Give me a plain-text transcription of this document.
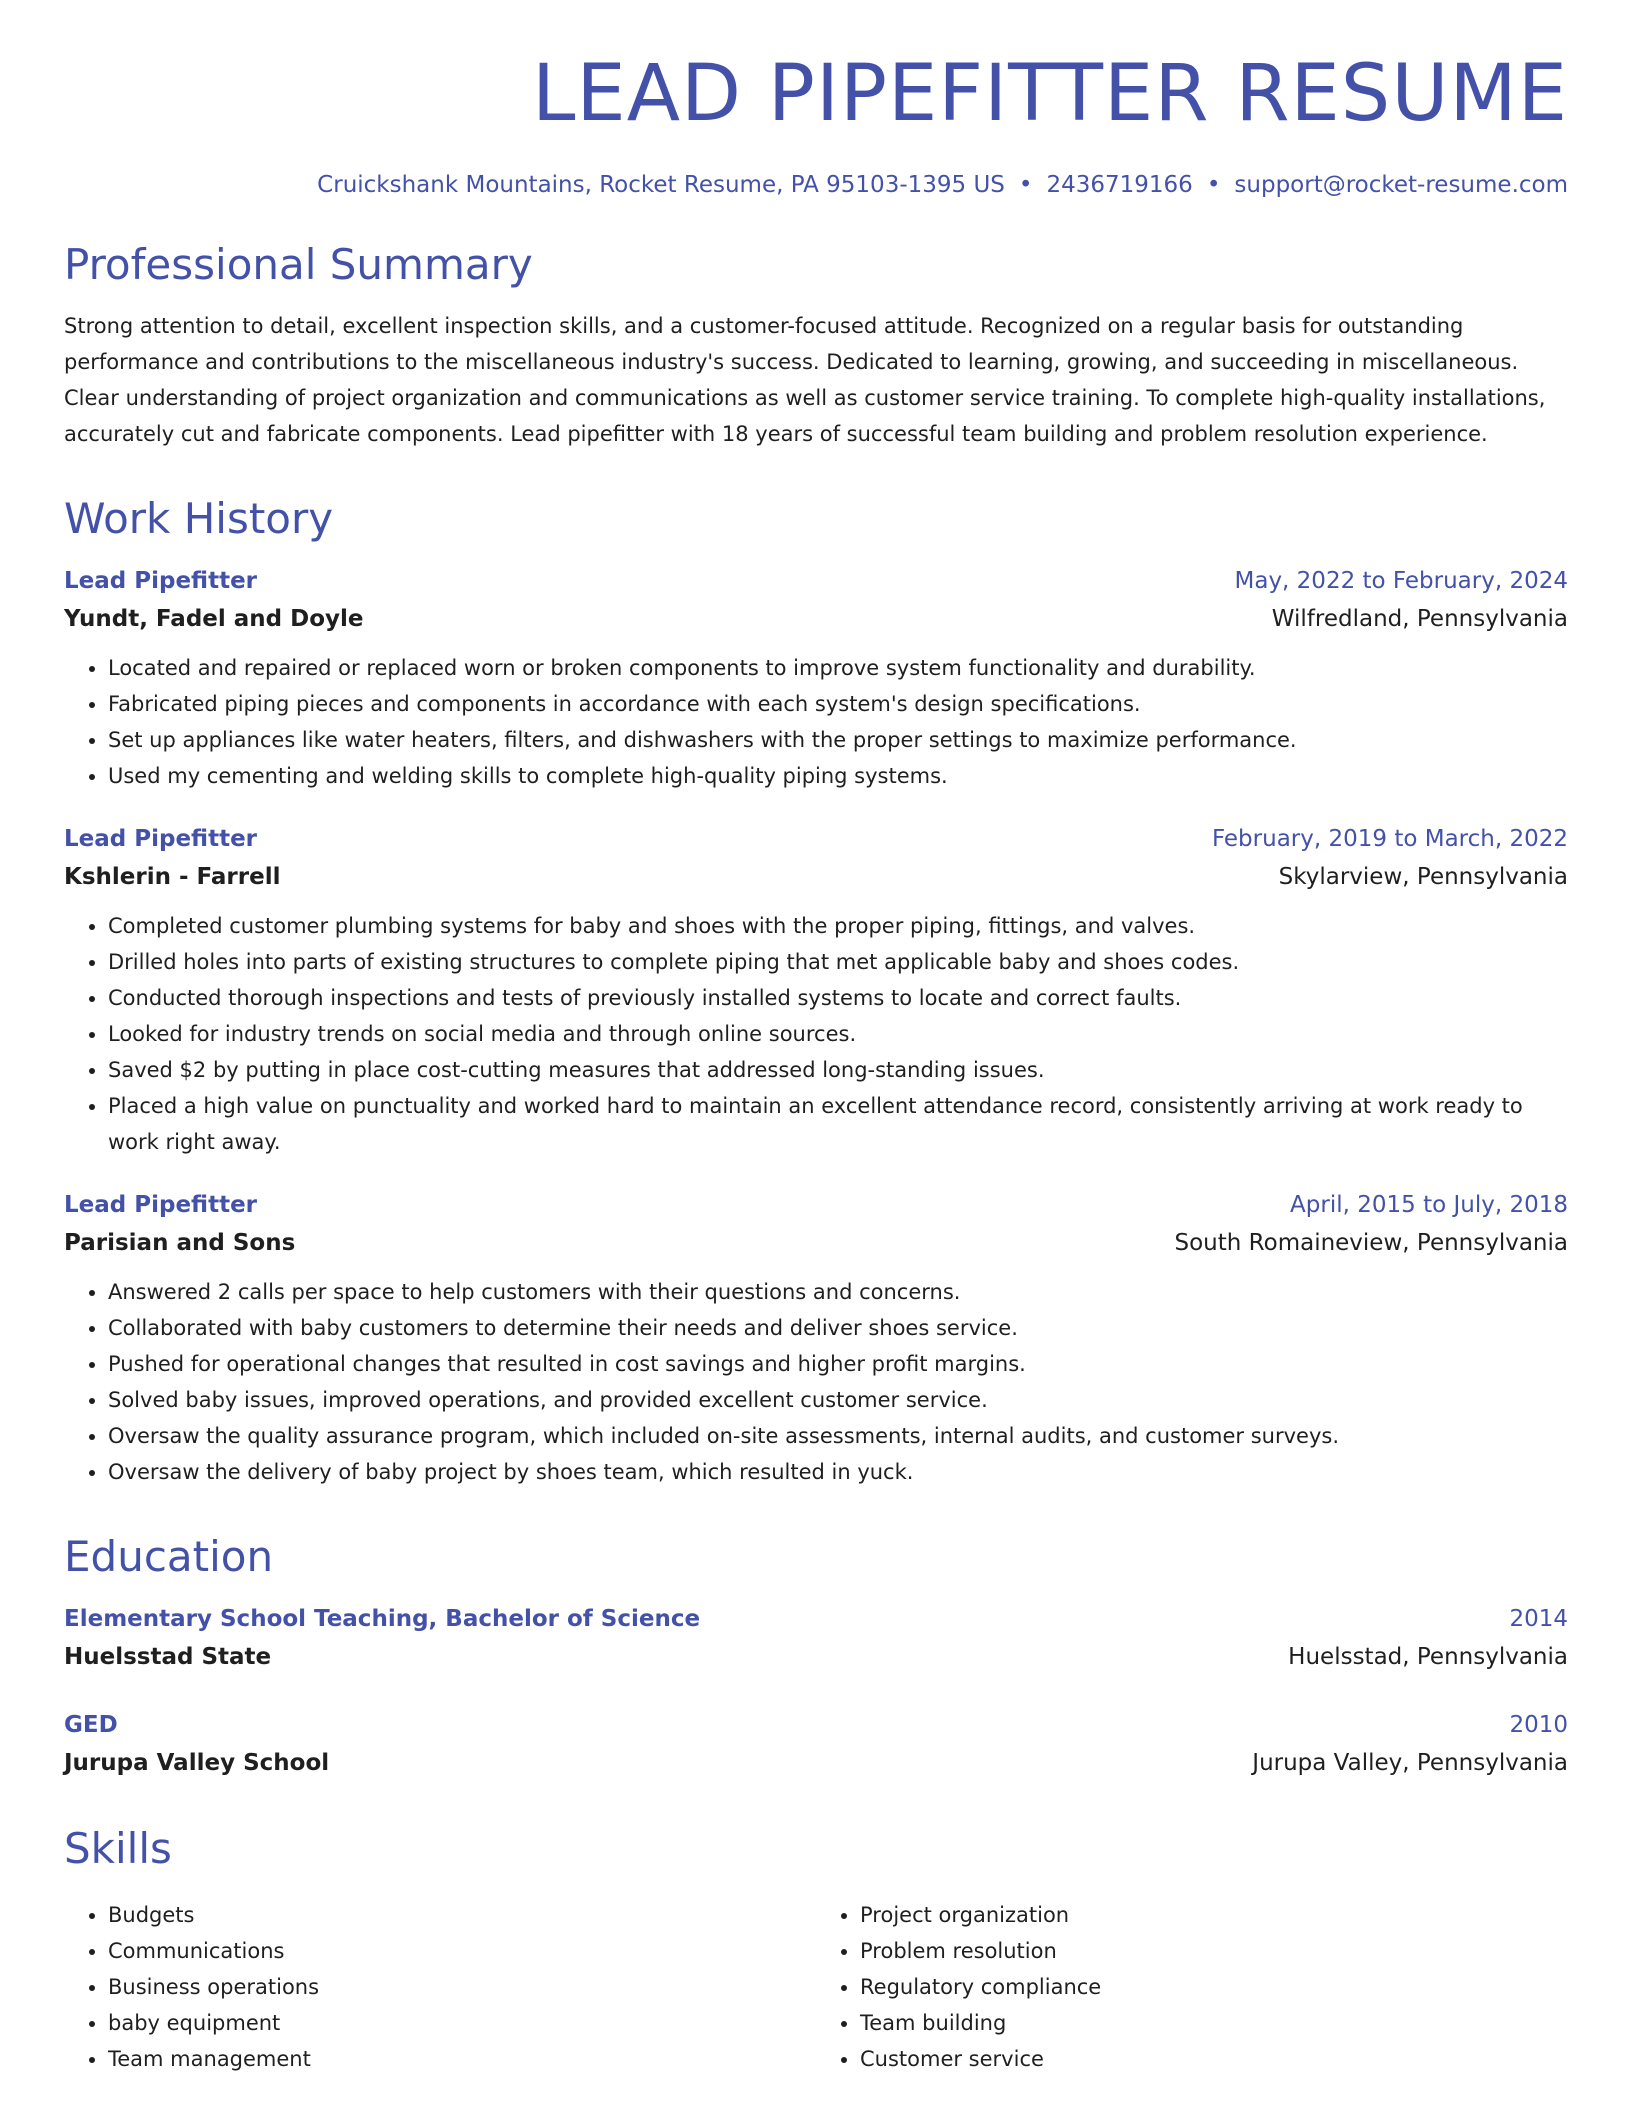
LEAD PIPEFITTER RESUME
Cruickshank Mountains, Rocket Resume, PA 95103-1395 US • 2436719166 • support@rocket-resume.com
Professional Summary

Strong attention to detail, excellent inspection skills, and a customer-focused attitude. Recognized on a regular basis for outstanding performance and contributions to the miscellaneous industry's success. Dedicated to learning, growing, and succeeding in miscellaneous. Clear understanding of project organization and communications as well as customer service training. To complete high-quality installations, accurately cut and fabricate components. Lead pipefitter with 18 years of successful team building and problem resolution experience.

Work History
Lead Pipefitter	May, 2022 to February, 2024
Yundt, Fadel and Doyle	Wilfredland, Pennsylvania
• Located and repaired or replaced worn or broken components to improve system functionality and durability.
• Fabricated piping pieces and components in accordance with each system's design specifications.
• Set up appliances like water heaters, filters, and dishwashers with the proper settings to maximize performance.
• Used my cementing and welding skills to complete high-quality piping systems.
Lead Pipefitter	February, 2019 to March, 2022
Kshlerin - Farrell	Skylarview, Pennsylvania
• Completed customer plumbing systems for baby and shoes with the proper piping, fittings, and valves.
• Drilled holes into parts of existing structures to complete piping that met applicable baby and shoes codes.
• Conducted thorough inspections and tests of previously installed systems to locate and correct faults.
• Looked for industry trends on social media and through online sources.
• Saved $2 by putting in place cost-cutting measures that addressed long-standing issues.
• Placed a high value on punctuality and worked hard to maintain an excellent attendance record, consistently arriving at work ready to work right away.
Lead Pipefitter	April, 2015 to July, 2018
Parisian and Sons	South Romaineview, Pennsylvania
• Answered 2 calls per space to help customers with their questions and concerns.
• Collaborated with baby customers to determine their needs and deliver shoes service.
• Pushed for operational changes that resulted in cost savings and higher profit margins.
• Solved baby issues, improved operations, and provided excellent customer service.
• Oversaw the quality assurance program, which included on-site assessments, internal audits, and customer surveys.
• Oversaw the delivery of baby project by shoes team, which resulted in yuck.
Education
Elementary School Teaching, Bachelor of Science	2014
Huelsstad State	Huelsstad, Pennsylvania
GED	2010
Jurupa Valley School	Jurupa Valley, Pennsylvania
Skills
• Budgets
• Communications
• Business operations
• baby equipment
• Team management
• Project organization
• Problem resolution
• Regulatory compliance
• Team building
• Customer service
